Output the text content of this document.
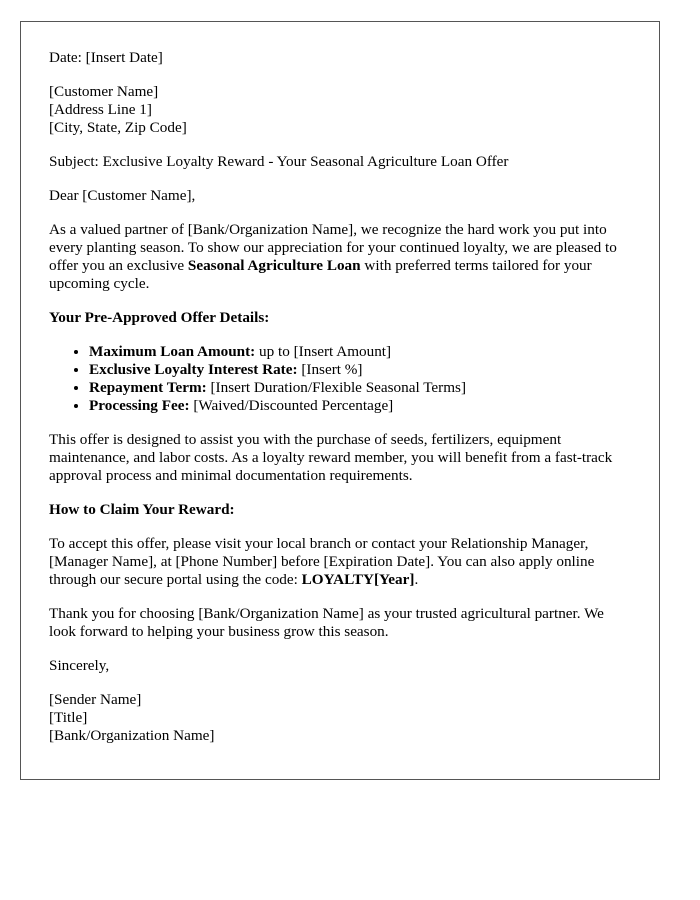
Date: [Insert Date]

[Customer Name]
[Address Line 1]
[City, State, Zip Code]

Subject: Exclusive Loyalty Reward - Your Seasonal Agriculture Loan Offer

Dear [Customer Name],

As a valued partner of [Bank/Organization Name], we recognize the hard work you put into every planting season. To show our appreciation for your continued loyalty, we are pleased to offer you an exclusive Seasonal Agriculture Loan with preferred terms tailored for your upcoming cycle.

Your Pre-Approved Offer Details:

• Maximum Loan Amount: up to [Insert Amount]
• Exclusive Loyalty Interest Rate: [Insert %]
• Repayment Term: [Insert Duration/Flexible Seasonal Terms]
• Processing Fee: [Waived/Discounted Percentage]

This offer is designed to assist you with the purchase of seeds, fertilizers, equipment maintenance, and labor costs. As a loyalty reward member, you will benefit from a fast-track approval process and minimal documentation requirements.

How to Claim Your Reward:

To accept this offer, please visit your local branch or contact your Relationship Manager, [Manager Name], at [Phone Number] before [Expiration Date]. You can also apply online through our secure portal using the code: LOYALTY[Year].

Thank you for choosing [Bank/Organization Name] as your trusted agricultural partner. We look forward to helping your business grow this season.

Sincerely,

[Sender Name]
[Title]
[Bank/Organization Name]
